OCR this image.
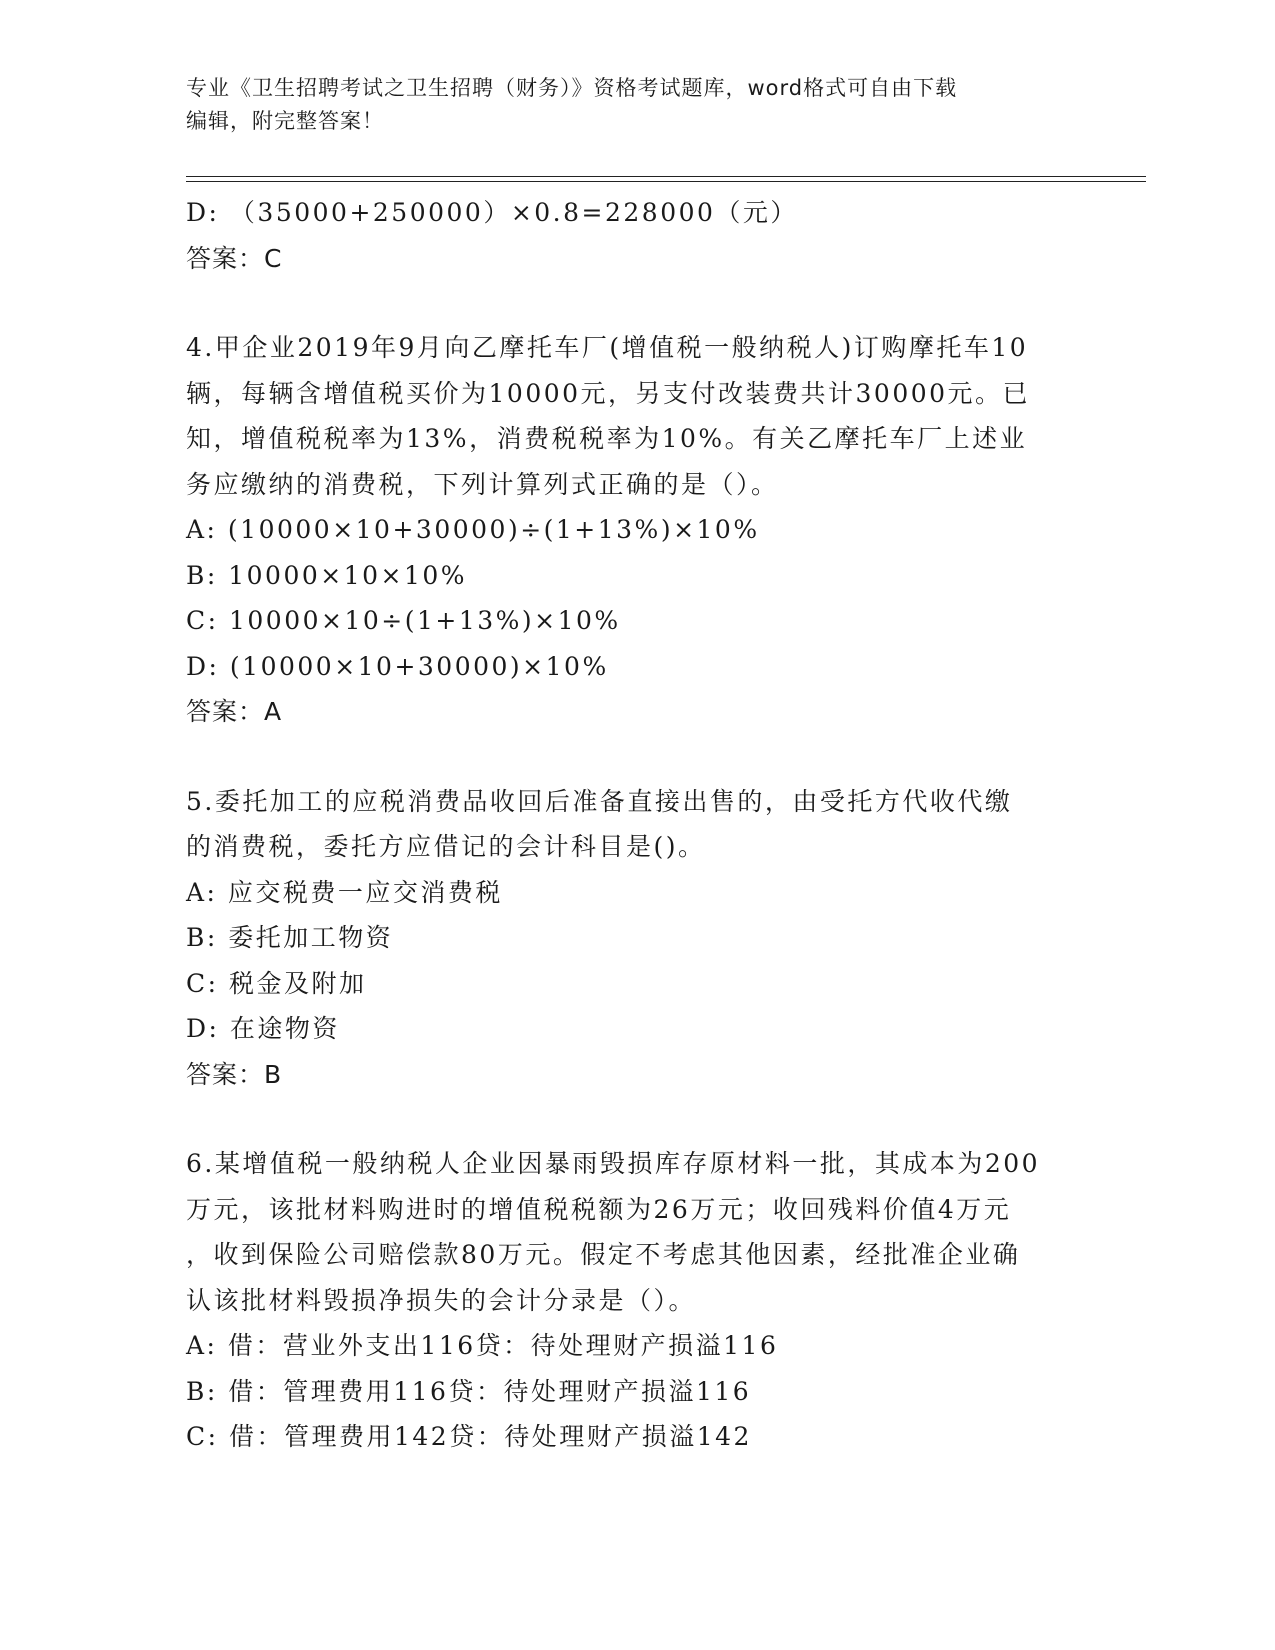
专业《卫生招聘考试之卫生招聘（财务）》资格考试题库，word格式可自由下载
编辑，附完整答案！
D: （35000+250000）×0.8=228000（元）
答案：C
4.甲企业2019年9月向乙摩托车厂(增值税一般纳税人)订购摩托车10
辆，每辆含增值税买价为10000元，另支付改装费共计30000元。已
知，增值税税率为13%，消费税税率为10%。有关乙摩托车厂上述业
务应缴纳的消费税，下列计算列式正确的是（）。
A: (10000×10+30000)÷(1+13%)×10%
B: 10000×10×10%
C: 10000×10÷(1+13%)×10%
D: (10000×10+30000)×10%
答案：A
5.委托加工的应税消费品收回后准备直接出售的，由受托方代收代缴
的消费税，委托方应借记的会计科目是()。
A: 应交税费一应交消费税
B: 委托加工物资
C: 税金及附加
D: 在途物资
答案：B
6.某增值税一般纳税人企业因暴雨毁损库存原材料一批，其成本为200
万元，该批材料购进时的增值税税额为26万元；收回残料价值4万元
，收到保险公司赔偿款80万元。假定不考虑其他因素，经批准企业确
认该批材料毁损净损失的会计分录是（）。
A: 借：营业外支出116贷：待处理财产损溢116
B: 借：管理费用116贷：待处理财产损溢116
C: 借：管理费用142贷：待处理财产损溢142
